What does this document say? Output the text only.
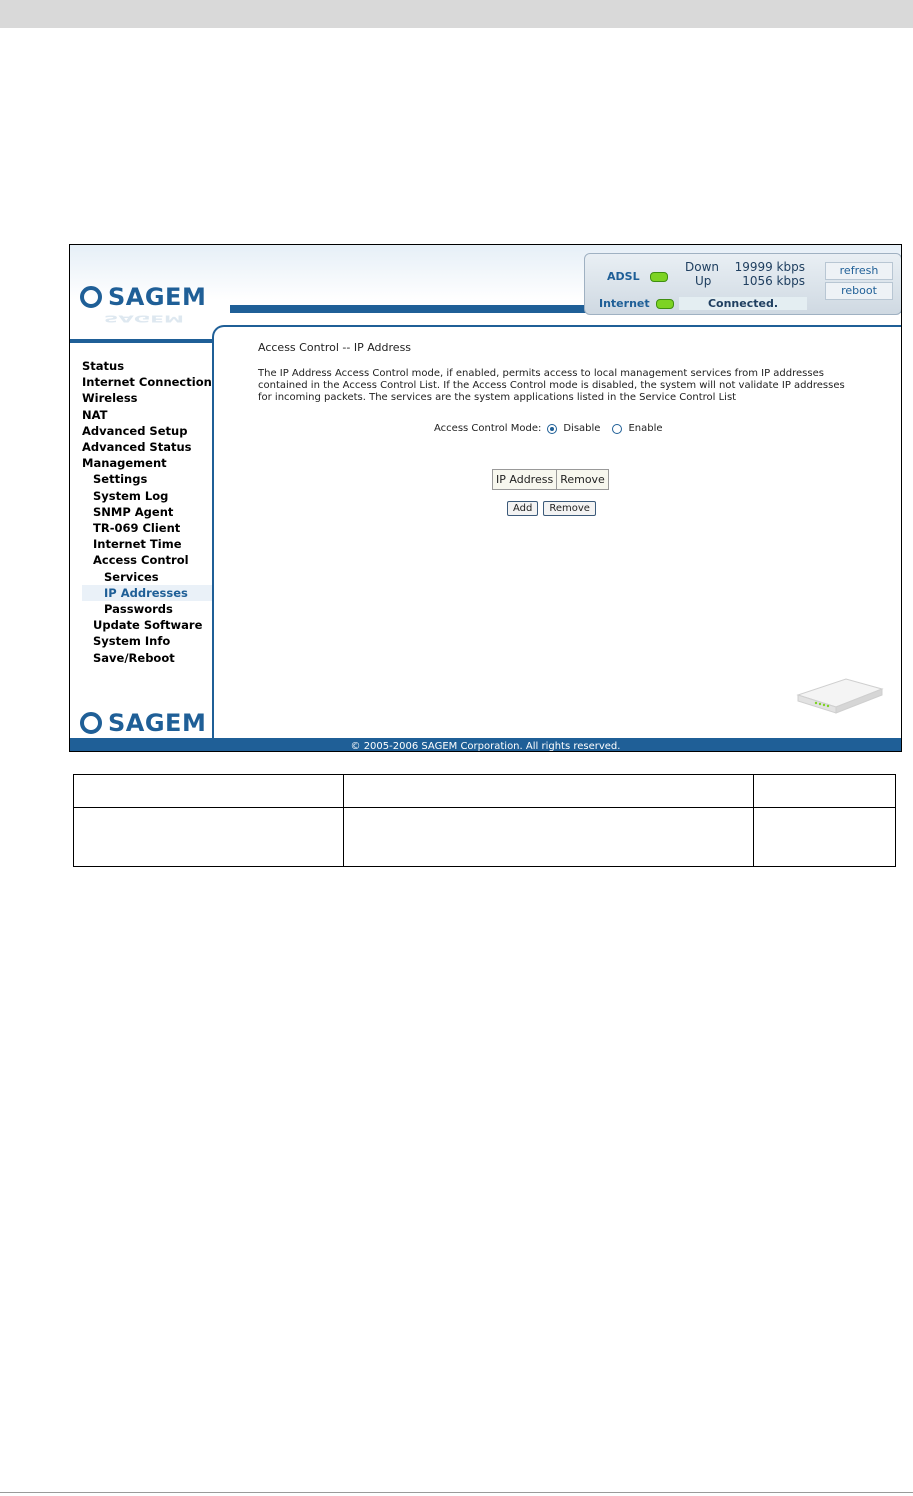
SAGEM
SAGEM
ADSL
Internet
Down 19999 kbps
Up	1056 kbps
Connected.
refresh
reboot
Status
Internet Connection
Wireless
NAT
Advanced Setup
Advanced Status
Management
Settings
System Log
SNMP Agent
TR-069 Client
Internet Time
Access Control
Services
IP Addresses
Passwords
Update Software
System Info
Save/Reboot
SAGEM
Access Control -- IP Address
The IP Address Access Control mode, if enabled, permits access to local management services from IP addresses contained in the Access Control List. If the Access Control mode is disabled, the system will not validate IP addresses for incoming packets. The services are the system applications listed in the Service Control List
Access Control Mode: Disable	Enable
IP Address	Remove
Add	Remove
© 2005-2006 SAGEM Corporation. All rights reserved.
